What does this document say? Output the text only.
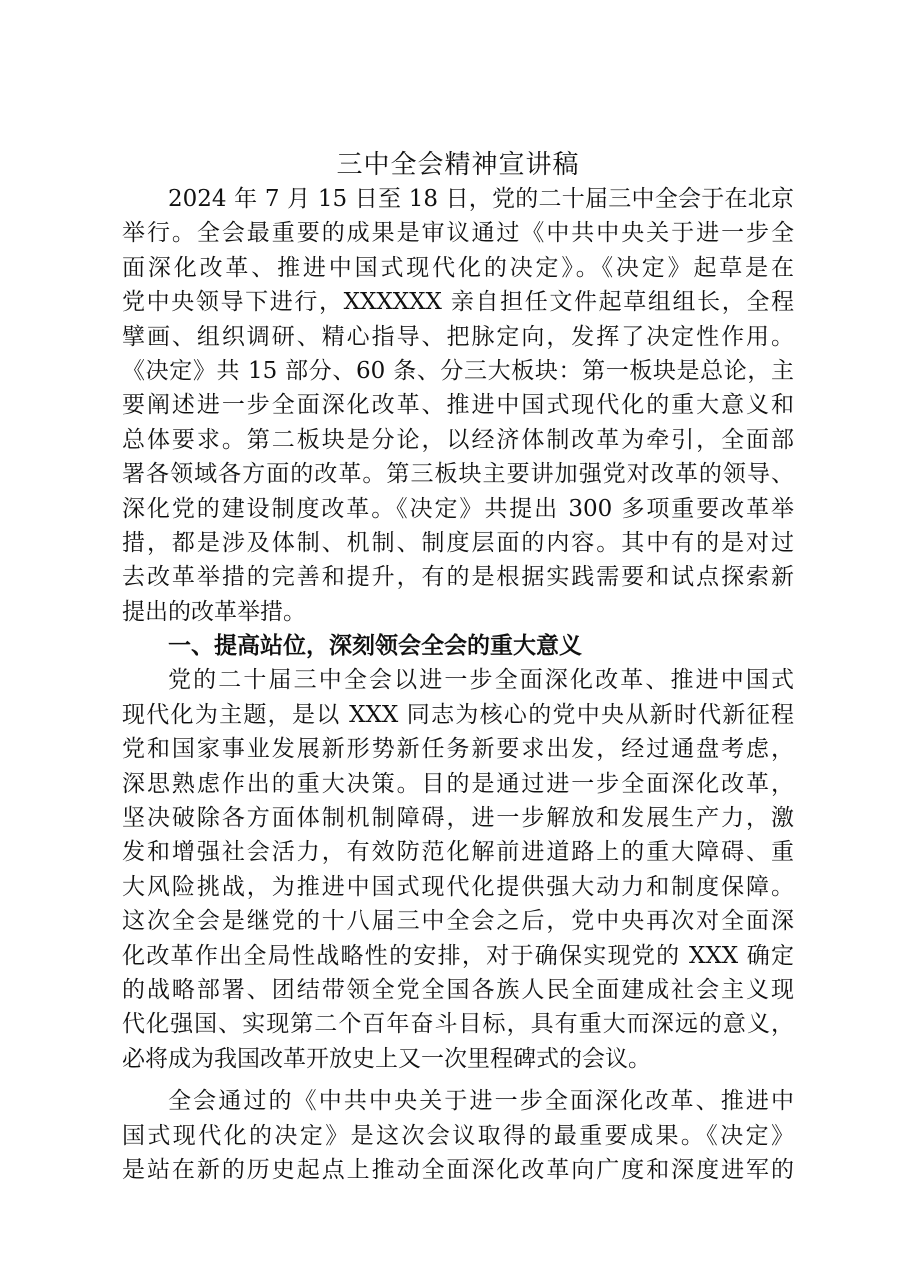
三中全会精神宣讲稿

2024 年 7 月 15 日至 18 日，党的二十届三中全会于在北京

举行。全会最重要的成果是审议通过《中共中央关于进一步全

面深化改革、推进中国式现代化的决定》。《决定》起草是在

党中央领导下进行，XXXXXX 亲自担任文件起草组组长，全程

擘画、组织调研、精心指导、把脉定向，发挥了决定性作用。

《决定》共 15 部分、60 条、分三大板块：第一板块是总论，主

要阐述进一步全面深化改革、推进中国式现代化的重大意义和

总体要求。第二板块是分论，以经济体制改革为牵引，全面部

署各领域各方面的改革。第三板块主要讲加强党对改革的领导、

深化党的建设制度改革。《决定》共提出 300 多项重要改革举

措，都是涉及体制、机制、制度层面的内容。其中有的是对过

去改革举措的完善和提升，有的是根据实践需要和试点探索新

提出的改革举措。

一、提高站位，深刻领会全会的重大意义

党的二十届三中全会以进一步全面深化改革、推进中国式

现代化为主题，是以 XXX 同志为核心的党中央从新时代新征程

党和国家事业发展新形势新任务新要求出发，经过通盘考虑，

深思熟虑作出的重大决策。目的是通过进一步全面深化改革，

坚决破除各方面体制机制障碍，进一步解放和发展生产力，激

发和增强社会活力，有效防范化解前进道路上的重大障碍、重

大风险挑战，为推进中国式现代化提供强大动力和制度保障。

这次全会是继党的十八届三中全会之后，党中央再次对全面深

化改革作出全局性战略性的安排，对于确保实现党的 XXX 确定

的战略部署、团结带领全党全国各族人民全面建成社会主义现

代化强国、实现第二个百年奋斗目标，具有重大而深远的意义，

必将成为我国改革开放史上又一次里程碑式的会议。

全会通过的《中共中央关于进一步全面深化改革、推进中

国式现代化的决定》是这次会议取得的最重要成果。《决定》

是站在新的历史起点上推动全面深化改革向广度和深度进军的
